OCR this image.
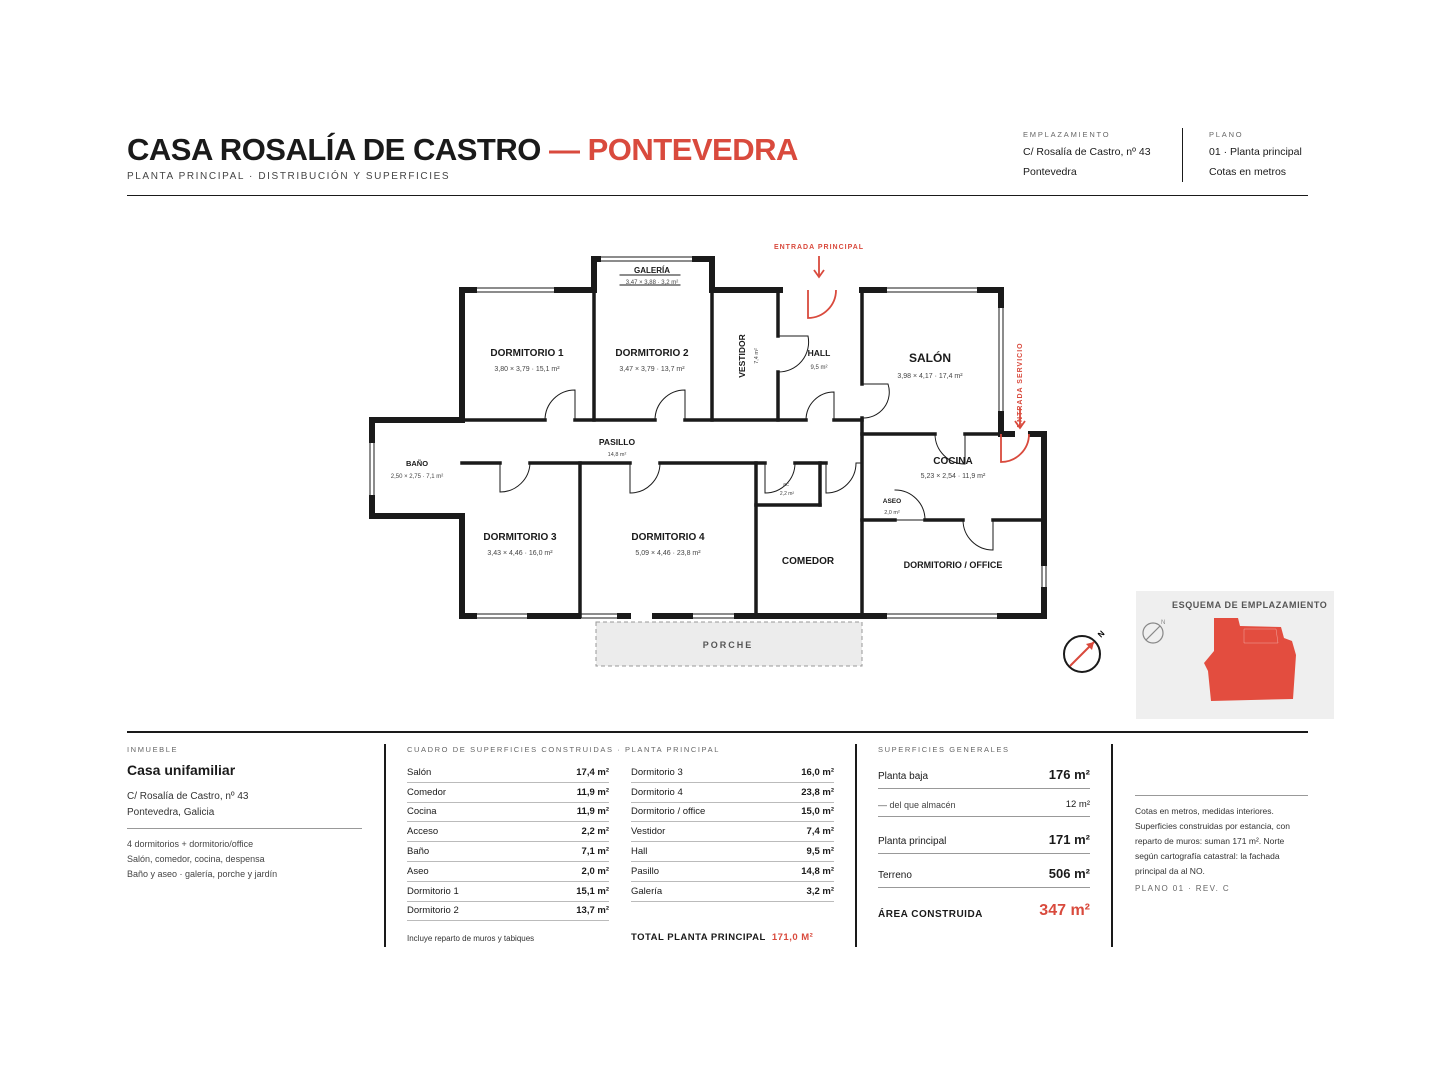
CASA ROSALÍA DE CASTRO — PONTEVEDRA
PLANTA PRINCIPAL · DISTRIBUCIÓN Y SUPERFICIES
EMPLAZAMIENTO
C/ Rosalía de Castro, nº 43
Pontevedra
PLANO
01 · Planta principal
Cotas en metros
GALERÍA
3,47 × 3,88 · 3,2 m²
DORMITORIO 1
3,80 × 3,79 · 15,1 m²
DORMITORIO 2
3,47 × 3,79 · 13,7 m²	VESTIDOR 7,4 m²	HALL
9,5 m²
SALÓN
3,98 × 4,17 · 17,4 m²
PASILLO
14,8 m²
BAÑO
2,50 × 2,75 · 7,1 m²
COCINA
5,23 × 2,54 · 11,9 m²
ac
2,2 m²
ASEO
2,0 m²
DORMITORIO 3
3,43 × 4,46 · 16,0 m²
DORMITORIO 4
5,09 × 4,46 · 23,8 m²
COMEDOR	DORMITORIO / OFFICE
PORCHE
ENTRADA PRINCIPAL
ENTRADA SERVICIO
N
ESQUEMA DE EMPLAZAMIENTO
N
INMUEBLE
Casa unifamiliar
C/ Rosalía de Castro, nº 43
Pontevedra, Galicia
4 dormitorios + dormitorio/office
Salón, comedor, cocina, despensa
Baño y aseo · galería, porche y jardín
CUADRO DE SUPERFICIES CONSTRUIDAS · PLANTA PRINCIPAL
Salón	17,4 m²
Comedor	11,9 m²
Cocina	11,9 m²
Acceso	2,2 m²
Baño	7,1 m²
Aseo	2,0 m²
Dormitorio 1	15,1 m²
Dormitorio 2	13,7 m²
Dormitorio 3	16,0 m²
Dormitorio 4	23,8 m²
Dormitorio / office	15,0 m²
Vestidor	7,4 m²
Hall	9,5 m²
Pasillo	14,8 m²
Galería	3,2 m²
Incluye reparto de muros y tabiques	TOTAL PLANTA PRINCIPAL 171,0 M²
SUPERFICIES GENERALES
Planta baja	176 m²
— del que almacén	12 m²
Planta principal	171 m²
Terreno	506 m²
ÁREA CONSTRUIDA	347 m²
Cotas en metros, medidas interiores.
Superficies construidas por estancia, con
reparto de muros: suman 171 m². Norte
según cartografía catastral: la fachada
principal da al NO.
PLANO 01 · REV. C
